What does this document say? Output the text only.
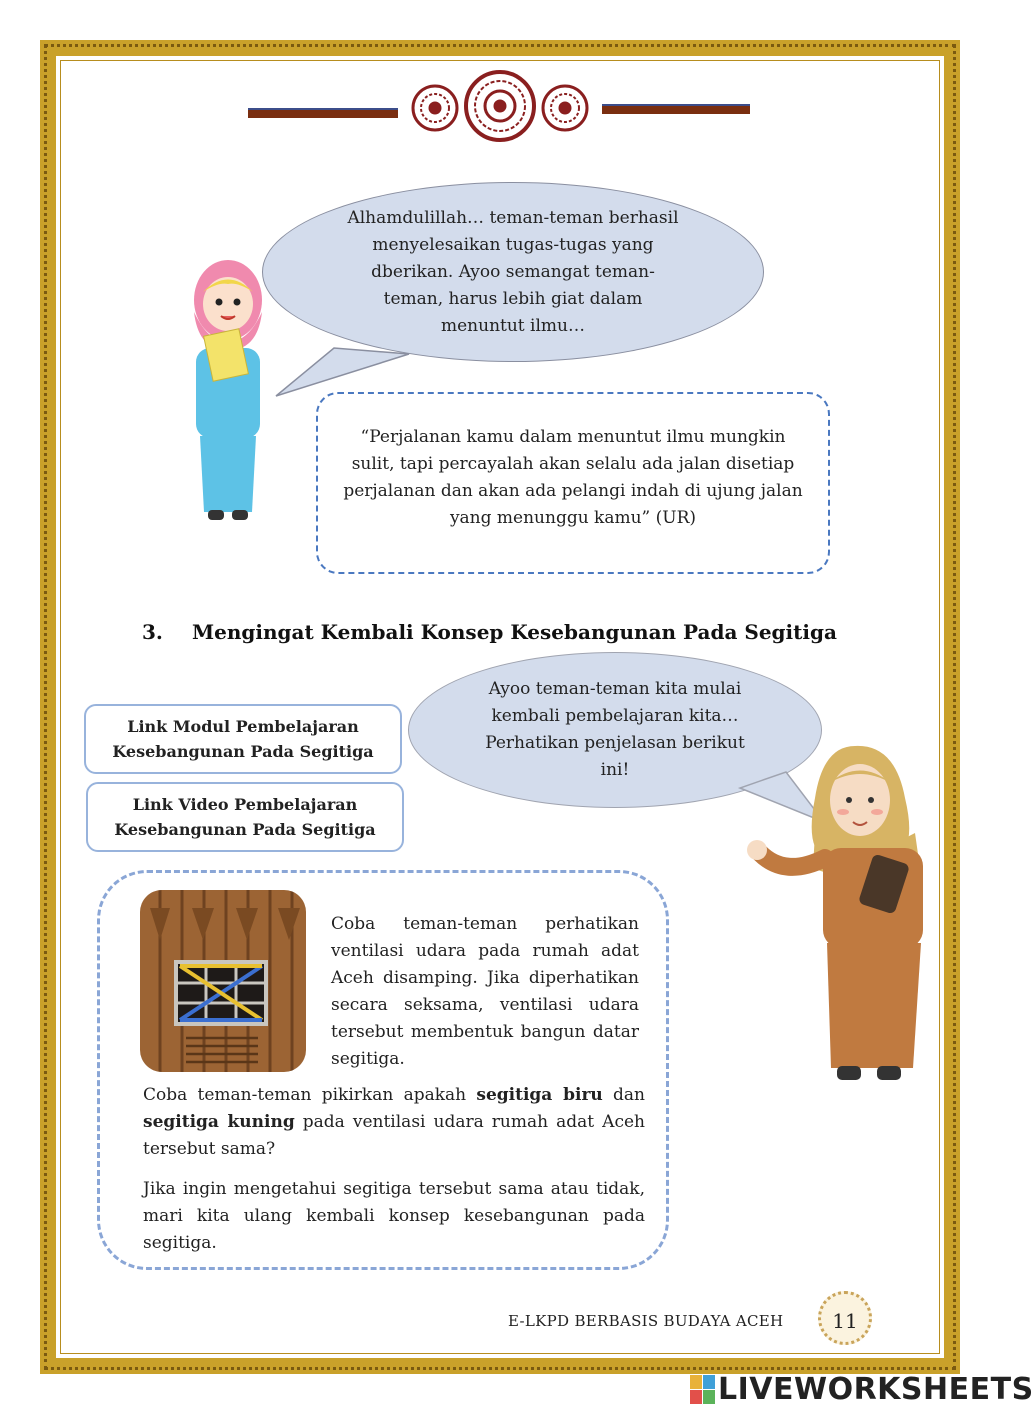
Alhamdulillah… teman-teman berhasil menyelesaikan tugas-tugas yang dberikan. Ayoo semangat teman-teman, harus lebih giat dalam menuntut ilmu…
“Perjalanan kamu dalam menuntut ilmu mungkin sulit, tapi percayalah akan selalu ada jalan disetiap perjalanan dan akan ada pelangi indah di ujung jalan yang menunggu kamu” (UR)
3. Mengingat Kembali Konsep Kesebangunan Pada Segitiga
Link Modul Pembelajaran Kesebangunan Pada Segitiga
Link Video Pembelajaran Kesebangunan Pada Segitiga
Ayoo teman-teman kita mulai kembali pembelajaran kita… Perhatikan penjelasan berikut ini!
Coba teman-teman perhatikan ventilasi udara pada rumah adat Aceh disamping. Jika diperhatikan secara seksama, ventilasi udara tersebut membentuk bangun datar segitiga.
Coba teman-teman pikirkan apakah segitiga biru dan segitiga kuning pada ventilasi udara rumah adat Aceh tersebut sama?
Jika ingin mengetahui segitiga tersebut sama atau tidak, mari kita ulang kembali konsep kesebangunan pada segitiga.
E-LKPD BERBASIS BUDAYA ACEH	11
LIVEWORKSHEETS
